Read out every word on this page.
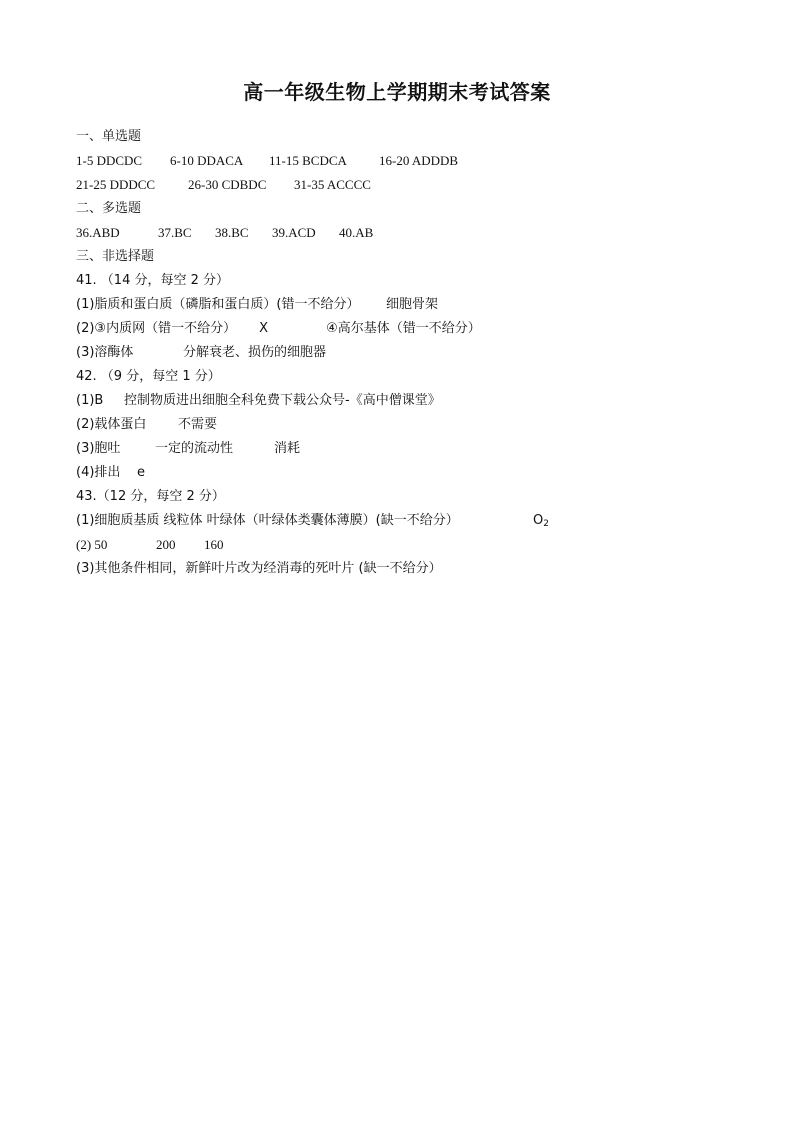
高一年级生物上学期期末考试答案
一、单选题
1-5 DDCDC	6-10 DDACA	11-15 BCDCA	16-20 ADDDB
21-25 DDDCC	26-30 CDBDC	31-35 ACCCC
二、多选题
36.ABD	37.BC	38.BC	39.ACD	40.AB
三、非选择题
41. （14 分，每空 2 分）
(1)脂质和蛋白质（磷脂和蛋白质）(错一不给分）	细胞骨架
(2) ③ 内质网（错一不给分）	X	④ 高尔基体（错一不给分）
(3)溶酶体	分解衰老、损伤的细胞器
42. （9 分，每空 1 分）
(1)B	控制物质进出细胞全科免费下载公众号-《高中僧课堂》
(2)载体蛋白	不需要
(3)胞吐	一定的流动性	消耗
(4)排出	e
43.（12 分，每空 2 分）
(1)细胞质基质 线粒体 叶绿体（叶绿体类囊体薄膜）(缺一不给分）	$O_2$
(2) 50	200	160
(3)其他条件相同，新鲜叶片改为经消毒的死叶片 (缺一不给分）
